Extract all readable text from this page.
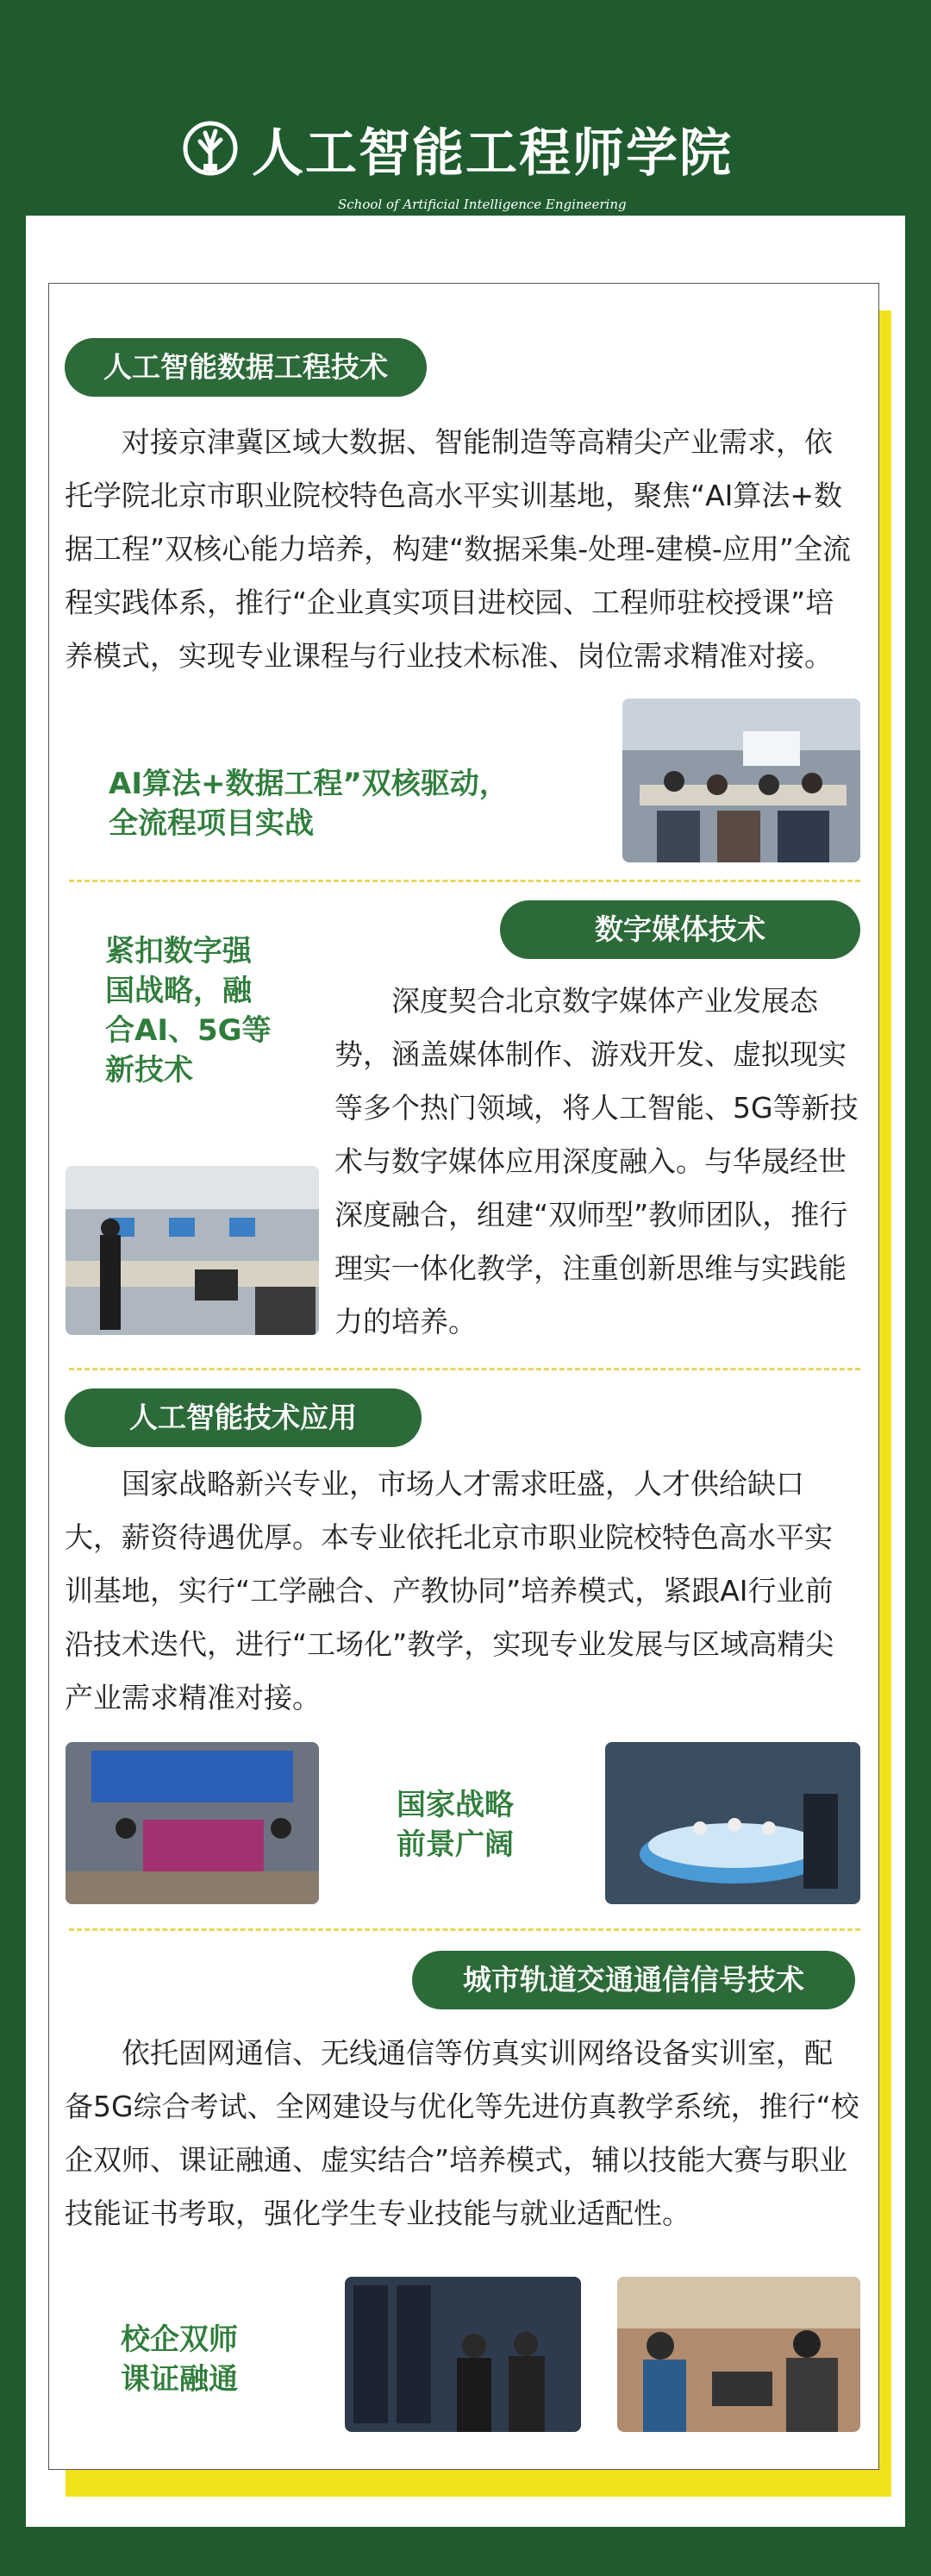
人工智能工程师学院
School of Artificial Intelligence Engineering
人工智能数据工程技术

对接京津冀区域大数据、智能制造等高精尖产业需求，依托学院北京市职业院校特色高水平实训基地，聚焦“AI算法+数据工程”双核心能力培养，构建“数据采集-处理-建模-应用”全流程实践体系，推行“企业真实项目进校园、工程师驻校授课”培养模式，实现专业课程与行业技术标准、岗位需求精准对接。

AI算法+数据工程”双核驱动，
全流程项目实战
数字媒体技术
紧扣数字强
国战略，融
合AI、5G等
新技术

深度契合北京数字媒体产业发展态势，涵盖媒体制作、游戏开发、虚拟现实等多个热门领域，将人工智能、5G等新技术与数字媒体应用深度融入。与华晟经世深度融合，组建“双师型”教师团队，推行理实一体化教学，注重创新思维与实践能力的培养。

人工智能技术应用

国家战略新兴专业，市场人才需求旺盛，人才供给缺口大，薪资待遇优厚。本专业依托北京市职业院校特色高水平实训基地，实行“工学融合、产教协同”培养模式，紧跟AI行业前沿技术迭代，进行“工场化”教学，实现专业发展与区域高精尖产业需求精准对接。

国家战略
前景广阔
城市轨道交通通信信号技术

依托固网通信、无线通信等仿真实训网络设备实训室，配备5G综合考试、全网建设与优化等先进仿真教学系统，推行“校企双师、课证融通、虚实结合”培养模式，辅以技能大赛与职业技能证书考取，强化学生专业技能与就业适配性。

校企双师
课证融通
